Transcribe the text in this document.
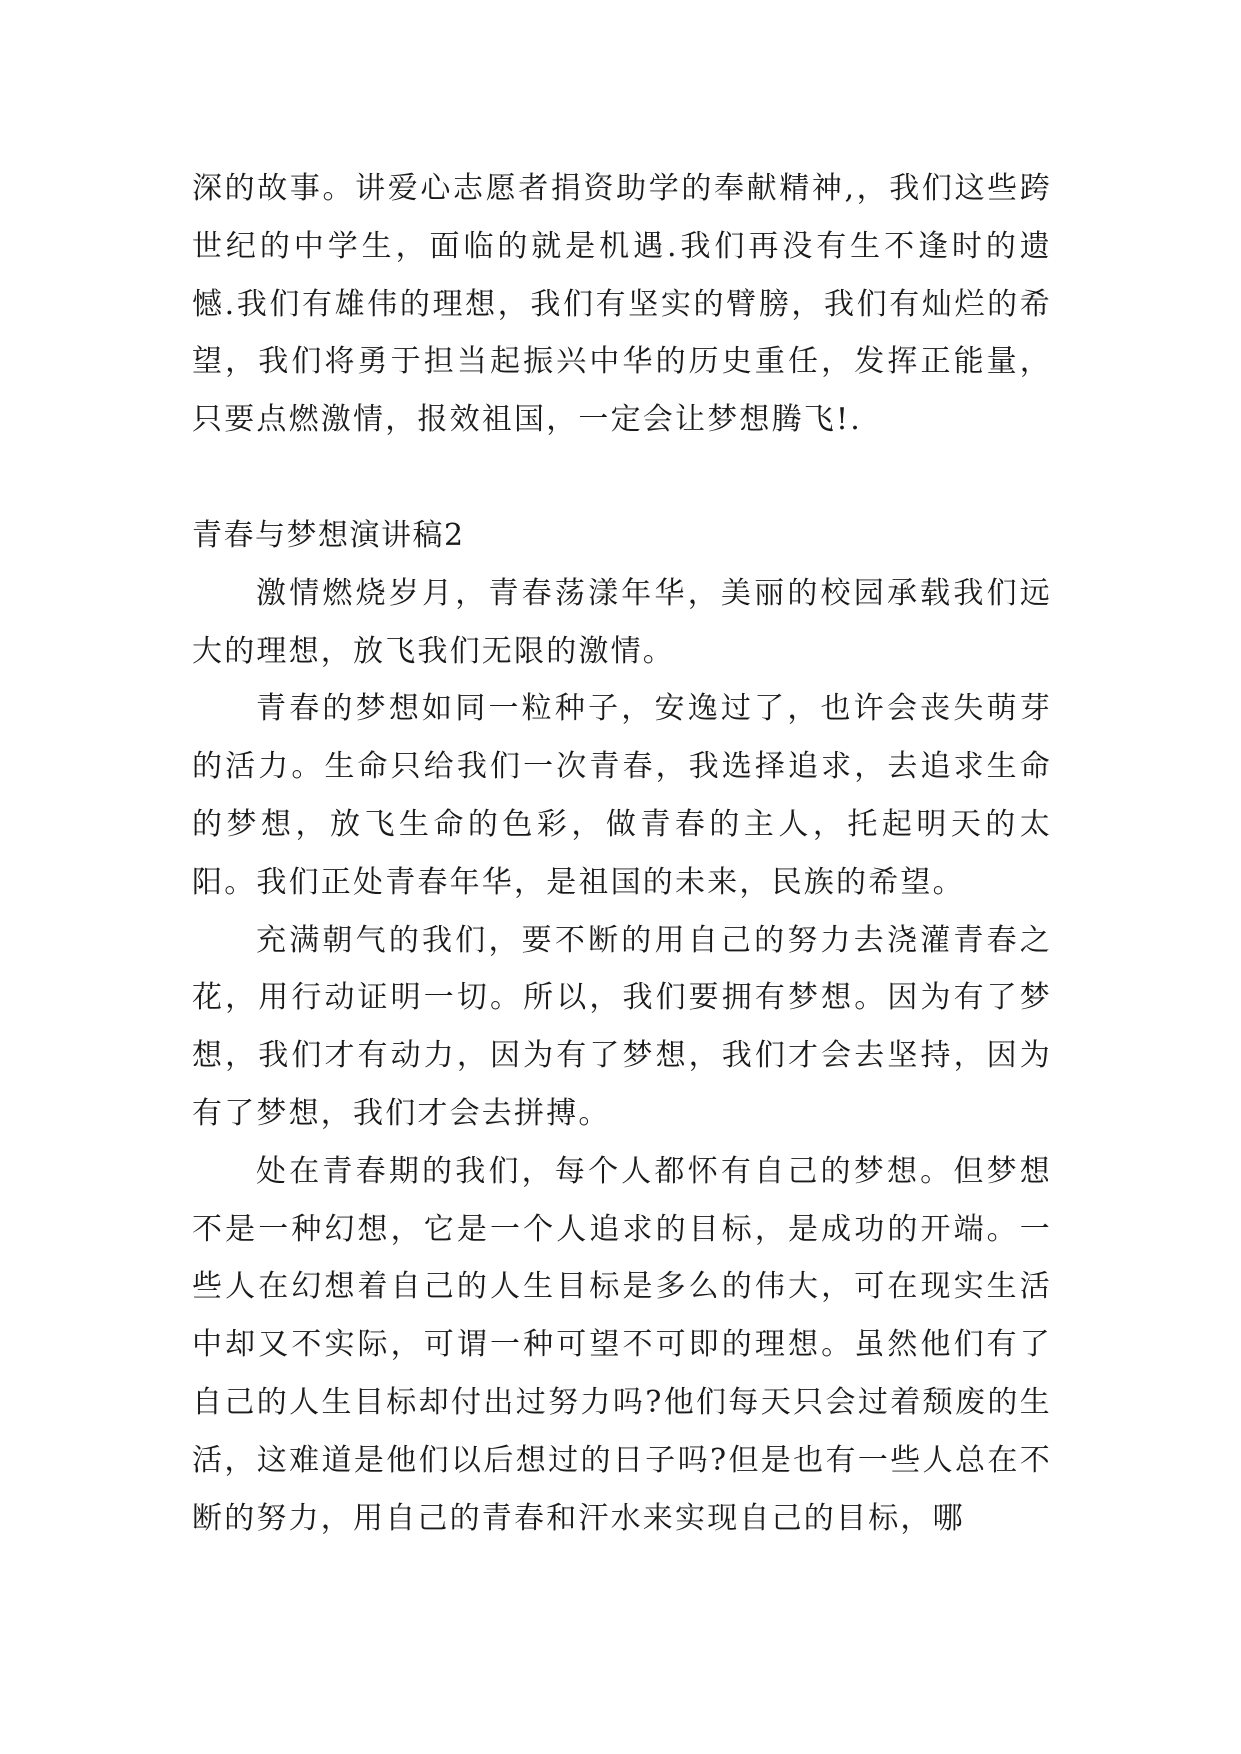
深的故事。讲爱心志愿者捐资助学的奉献精神,，我们这些跨世纪的中学生，面临的就是机遇.我们再没有生不逢时的遗憾.我们有雄伟的理想，我们有坚实的臂膀，我们有灿烂的希望，我们将勇于担当起振兴中华的历史重任，发挥正能量，只要点燃激情，报效祖国，一定会让梦想腾飞!.

青春与梦想演讲稿2

激情燃烧岁月，青春荡漾年华，美丽的校园承载我们远大的理想，放飞我们无限的激情。

青春的梦想如同一粒种子，安逸过了，也许会丧失萌芽的活力。生命只给我们一次青春，我选择追求，去追求生命的梦想，放飞生命的色彩，做青春的主人，托起明天的太阳。我们正处青春年华，是祖国的未来，民族的希望。

充满朝气的我们，要不断的用自己的努力去浇灌青春之花，用行动证明一切。所以，我们要拥有梦想。因为有了梦想，我们才有动力，因为有了梦想，我们才会去坚持，因为有了梦想，我们才会去拼搏。

处在青春期的我们，每个人都怀有自己的梦想。但梦想不是一种幻想，它是一个人追求的目标，是成功的开端。一些人在幻想着自己的人生目标是多么的伟大，可在现实生活中却又不实际，可谓一种可望不可即的理想。虽然他们有了自己的人生目标却付出过努力吗?他们每天只会过着颓废的生活，这难道是他们以后想过的日子吗?但是也有一些人总在不断的努力，用自己的青春和汗水来实现自己的目标，哪
